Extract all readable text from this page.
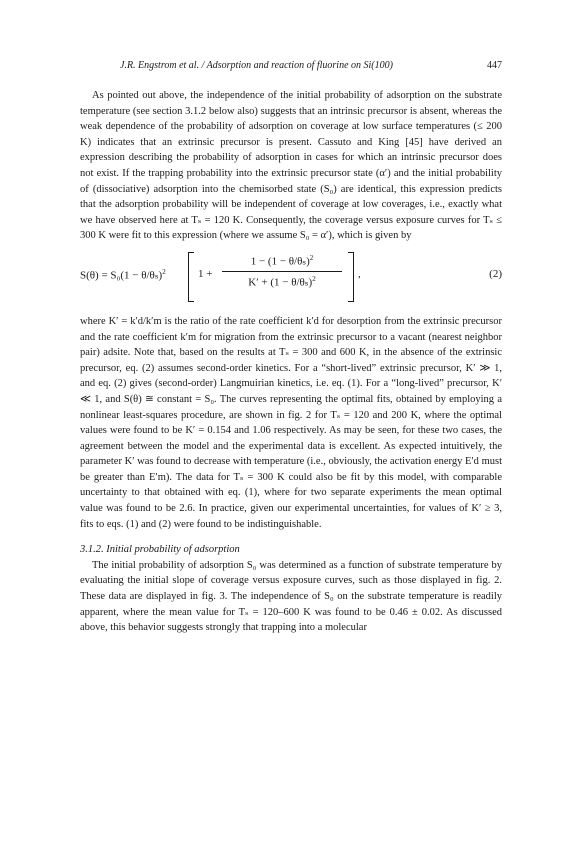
J.R. Engstrom et al. / Adsorption and reaction of fluorine on Si(100)	447

As pointed out above, the independence of the initial probability of adsorption on the substrate temperature (see section 3.1.2 below also) suggests that an intrinsic precursor is absent, whereas the weak dependence of the probability of adsorption on coverage at low surface temperatures (≤ 200 K) indicates that an extrinsic precursor is present. Cassuto and King [45] have derived an expression describing the probability of adsorption in cases for which an intrinsic precursor does not exist. If the trapping probability into the extrinsic precursor state (α′) and the initial probability of (dissociative) adsorption into the chemisorbed state (S₀) are identical, this expression predicts that the adsorption probability will be independent of coverage at low coverages, i.e., exactly what we have observed here at Tₛ = 120 K. Consequently, the coverage versus exposure curves for Tₛ ≤ 300 K were fit to this expression (where we assume S₀ = α′), which is given by

$S(\theta) = S_0(1 - \theta/\theta_s)^2$	$1 + \frac{1 - (1 - \theta/\theta_s)^2}{K' + (1 - \theta/\theta_s)^2}$ ,	(2)

where K′ = k′d/k′m is the ratio of the rate coefficient k′d for desorption from the extrinsic precursor and the rate coefficient k′m for migration from the extrinsic precursor to a vacant (nearest neighbor pair) adsite. Note that, based on the results at Tₛ = 300 and 600 K, in the absence of the extrinsic precursor, eq. (2) assumes second-order kinetics. For a “short-lived” extrinsic precursor, K′ ≫ 1, and eq. (2) gives (second-order) Langmuirian kinetics, i.e. eq. (1). For a “long-lived” precursor, K′ ≪ 1, and S(θ) ≅ constant = S₀. The curves representing the optimal fits, obtained by employing a nonlinear least-squares procedure, are shown in fig. 2 for Tₛ = 120 and 200 K, where the optimal values were found to be K′ = 0.154 and 1.06 respectively. As may be seen, for these two cases, the agreement between the model and the experimental data is excellent. As expected intuitively, the parameter K′ was found to decrease with temperature (i.e., obviously, the activation energy E′d must be greater than E′m). The data for Tₛ = 300 K could also be fit by this model, with comparable uncertainty to that obtained with eq. (1), where for two separate experiments the mean optimal value was found to be 2.6. In practice, given our experimental uncertainties, for values of K′ ≥ 3, fits to eqs. (1) and (2) were found to be indistinguishable.

3.1.2. Initial probability of adsorption

The initial probability of adsorption S₀ was determined as a function of substrate temperature by evaluating the initial slope of coverage versus exposure curves, such as those displayed in fig. 2. These data are displayed in fig. 3. The independence of S₀ on the substrate temperature is readily apparent, where the mean value for Tₛ = 120–600 K was found to be 0.46 ± 0.02. As discussed above, this behavior suggests strongly that trapping into a molecular
